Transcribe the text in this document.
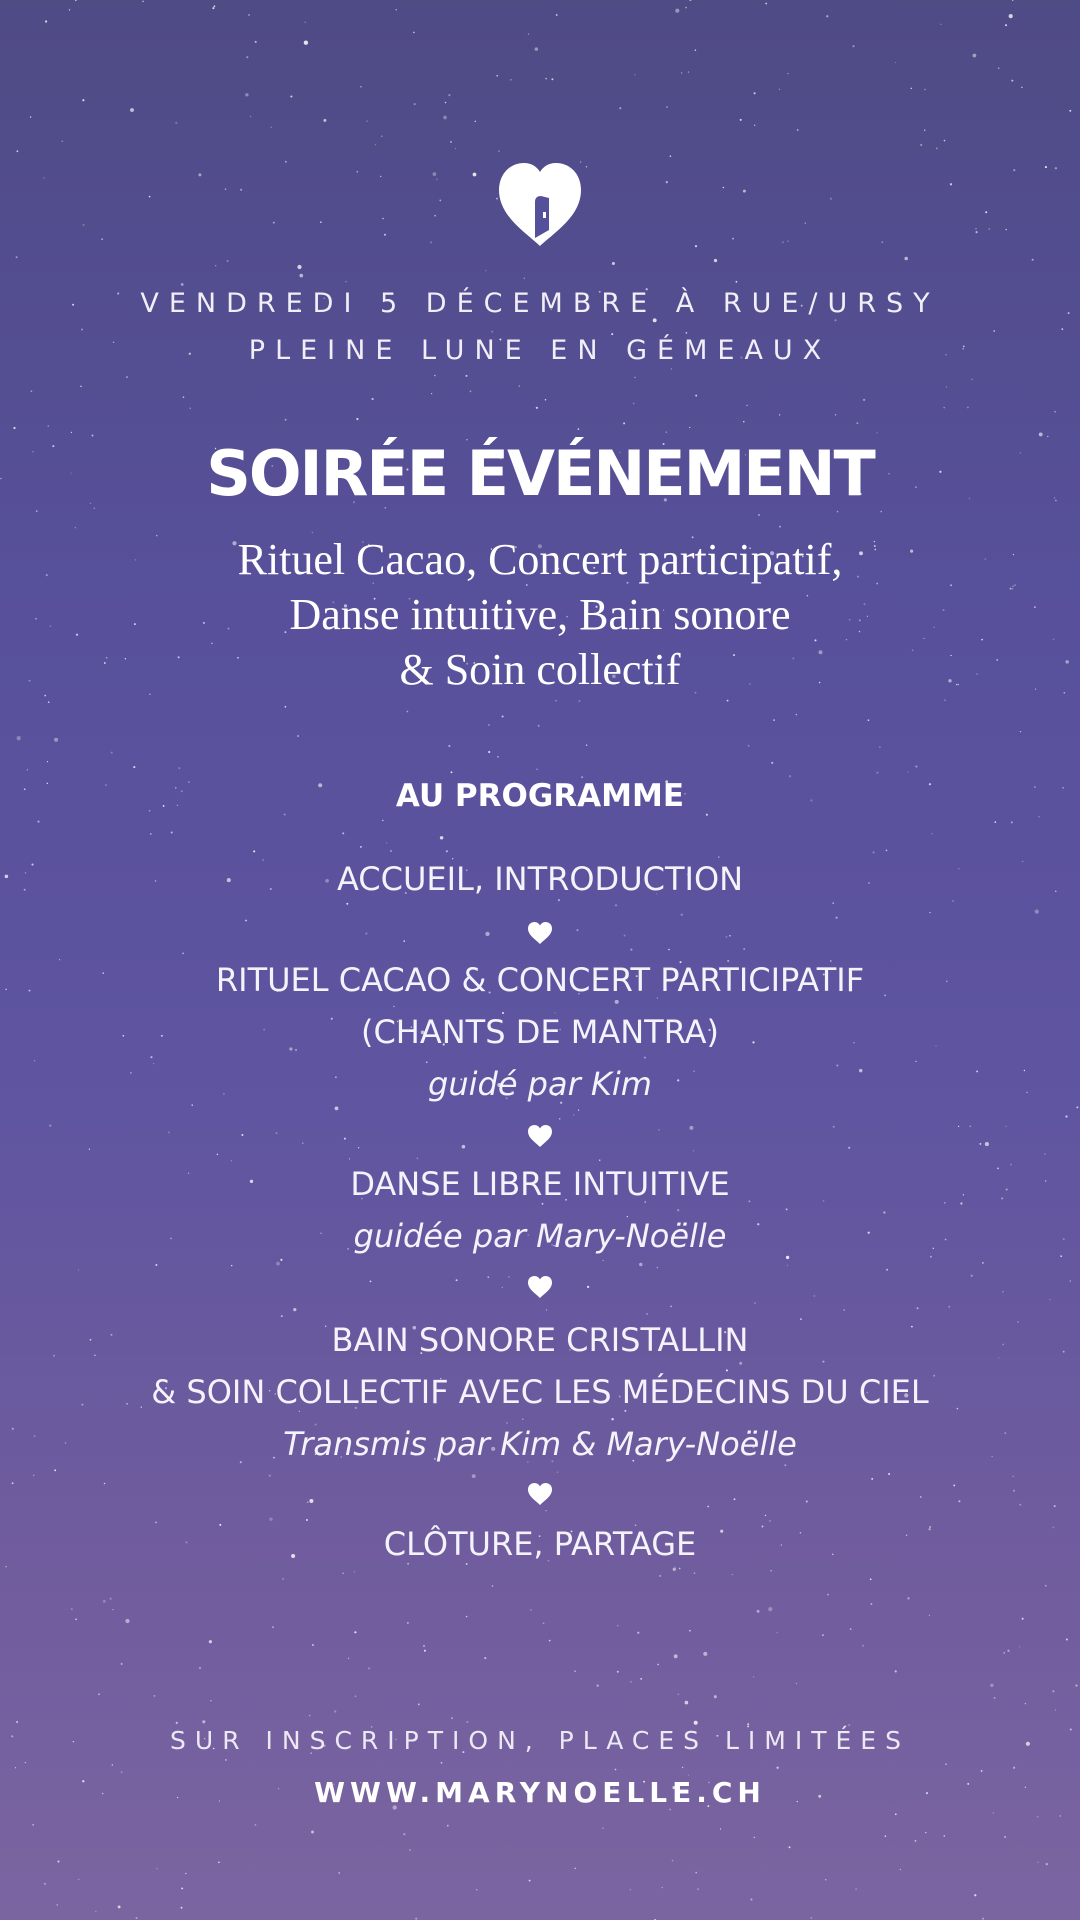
VENDREDI 5 DÉCEMBRE À RUE/URSY
PLEINE LUNE EN GÉMEAUX
SOIRÉE ÉVÉNEMENT
Rituel Cacao, Concert participatif,
Danse intuitive, Bain sonore
& Soin collectif
AU PROGRAMME
ACCUEIL, INTRODUCTION
RITUEL CACAO & CONCERT PARTICIPATIF
(CHANTS DE MANTRA)
guidé par Kim
DANSE LIBRE INTUITIVE
guidée par Mary-Noëlle
BAIN SONORE CRISTALLIN
& SOIN COLLECTIF AVEC LES MÉDECINS DU CIEL
Transmis par Kim & Mary-Noëlle
CLÔTURE, PARTAGE
SUR INSCRIPTION, PLACES LIMITÉES
WWW.MARYNOELLE.CH
